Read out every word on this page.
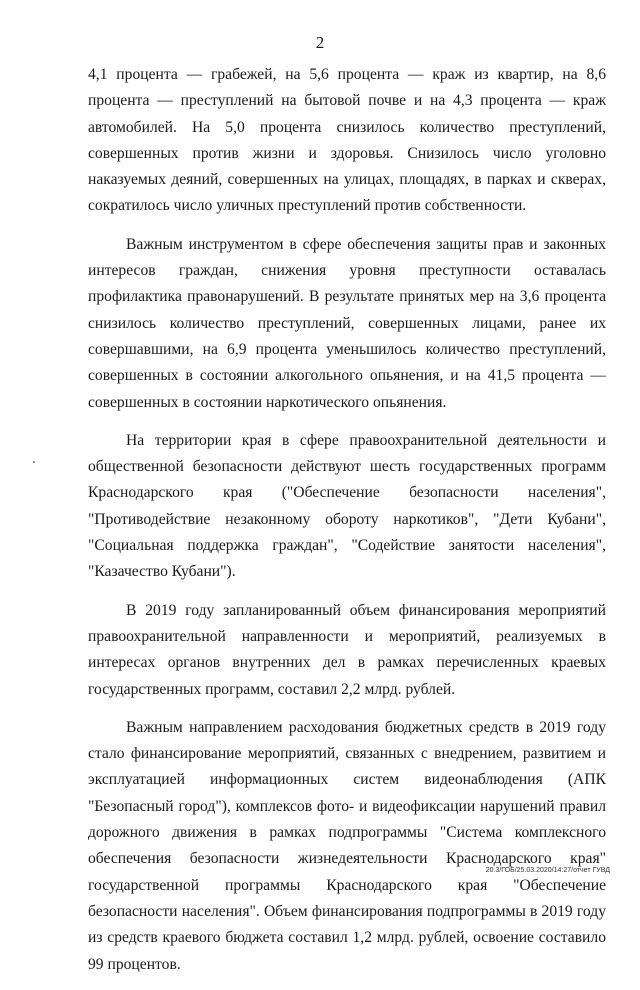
2

4,1 процента — грабежей, на 5,6 процента — краж из квартир, на 8,6 процента — преступлений на бытовой почве и на 4,3 процента — краж автомобилей. На 5,0 процента снизилось количество преступлений, совершенных против жизни и здоровья. Снизилось число уголовно наказуемых деяний, совершенных на улицах, площадях, в парках и скверах, сократилось число уличных преступлений против собственности.

Важным инструментом в сфере обеспечения защиты прав и законных интересов граждан, снижения уровня преступности оставалась профилактика правонарушений. В результате принятых мер на 3,6 процента снизилось количество преступлений, совершенных лицами, ранее их совершавшими, на 6,9 процента уменьшилось количество преступлений, совершенных в состоянии алкогольного опьянения, и на 41,5 процента — совершенных в состоянии наркотического опьянения.

На территории края в сфере правоохранительной деятельности и общественной безопасности действуют шесть государственных программ Краснодарского края ("Обеспечение безопасности населения", "Противодействие незаконному обороту наркотиков", "Дети Кубани", "Социальная поддержка граждан", "Содействие занятости населения", "Казачество Кубани").

В 2019 году запланированный объем финансирования мероприятий правоохранительной направленности и мероприятий, реализуемых в интересах органов внутренних дел в рамках перечисленных краевых государственных программ, составил 2,2 млрд. рублей.

Важным направлением расходования бюджетных средств в 2019 году стало финансирование мероприятий, связанных с внедрением, развитием и эксплуатацией информационных систем видеонаблюдения (АПК "Безопасный город"), комплексов фото- и видеофиксации нарушений правил дорожного движения в рамках подпрограммы "Система комплексного обеспечения безопасности жизнедеятельности Краснодарского края" государственной программы Краснодарского края "Обеспечение безопасности населения". Объем финансирования подпрограммы в 2019 году из средств краевого бюджета составил 1,2 млрд. рублей, освоение составило 99 процентов.

20.3/ГОБ/25.03.2020/14:27/отчет ГУВД
